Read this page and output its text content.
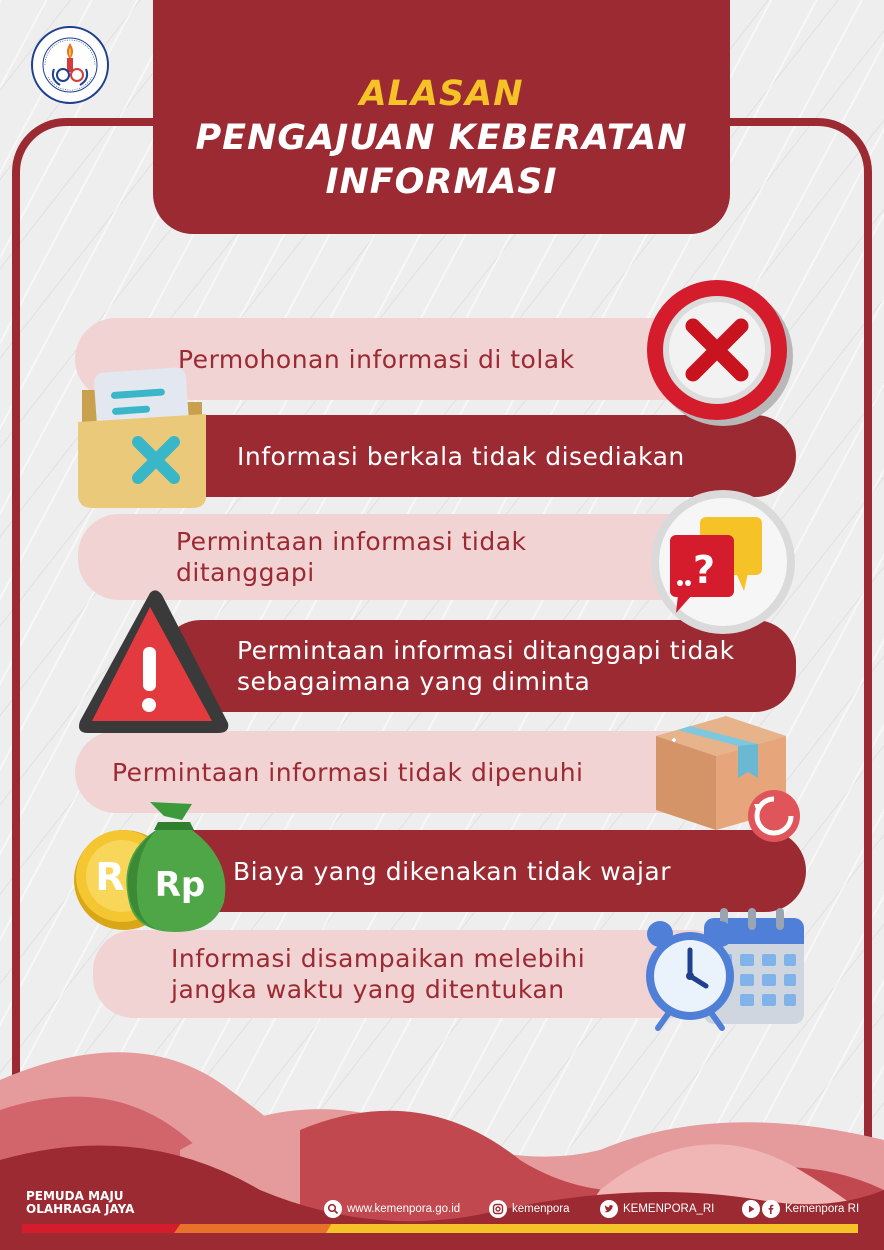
ALASAN
PENGAJUAN KEBERATAN
INFORMASI
Permohonan informasi di tolak
Informasi berkala tidak disediakan
Permintaan informasi tidak ditanggapi
Permintaan informasi ditanggapi tidak sebagaimana yang diminta
Permintaan informasi tidak dipenuhi
Biaya yang dikenakan tidak wajar
Informasi disampaikan melebihi jangka waktu yang ditentukan
?
R Rp
PEMUDA MAJU
OLAHRAGA JAYA	www.kemenpora.go.id	kemenpora	KEMENPORA_RI	Kemenpora RI
